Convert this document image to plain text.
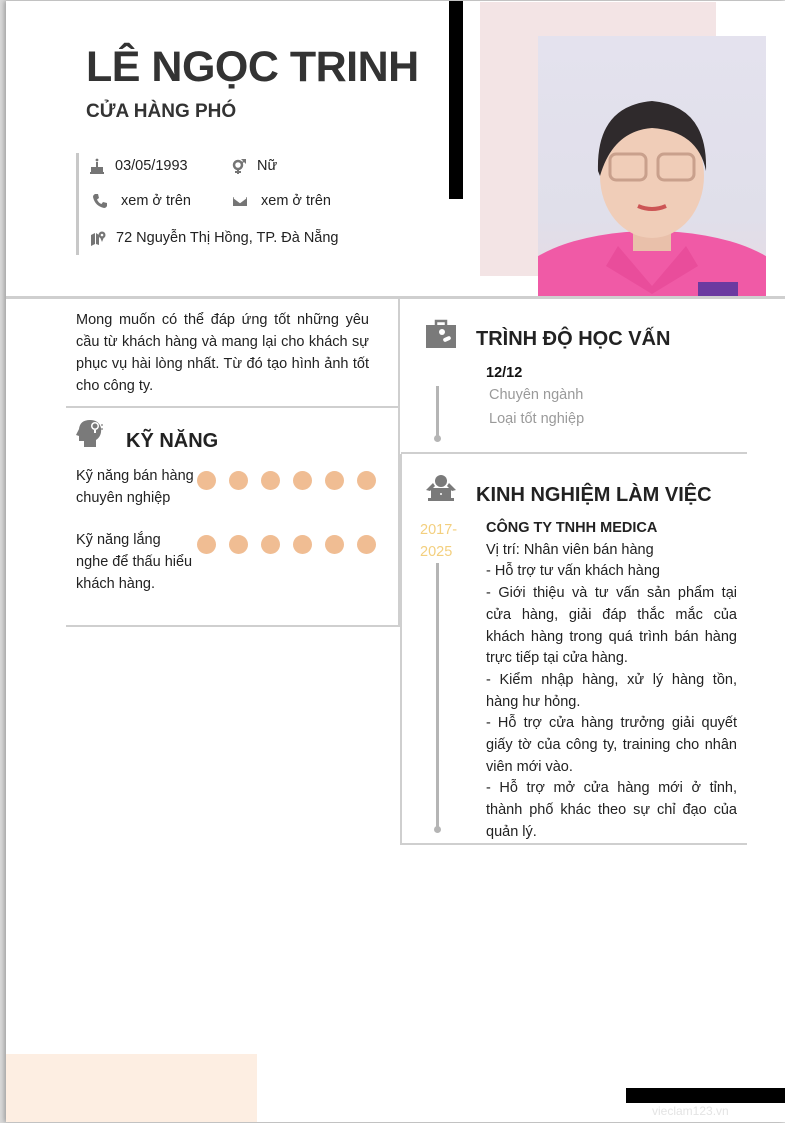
LÊ NGỌC TRINH
CỬA HÀNG PHÓ
03/05/1993	Nữ
xem ở trên	xem ở trên
72 Nguyễn Thị Hồng, TP. Đà Nẵng
Mong muốn có thể đáp ứng tốt những yêu cầu từ khách hàng và mang lại cho khách sự phục vụ hài lòng nhất. Từ đó tạo hình ảnh tốt cho công ty.
KỸ NĂNG
Kỹ năng bán hàng chuyên nghiệp
Kỹ năng lắng nghe để thấu hiểu khách hàng.
TRÌNH ĐỘ HỌC VẤN
12/12
Chuyên ngành
Loại tốt nghiệp
KINH NGHIỆM LÀM VIỆC
2017-
2025
CÔNG TY TNHH MEDICA
Vị trí: Nhân viên bán hàng
- Hỗ trợ tư vấn khách hàng
- Giới thiệu và tư vấn sản phẩm tại cửa hàng, giải đáp thắc mắc của khách hàng trong quá trình bán hàng trực tiếp tại cửa hàng.
- Kiểm nhập hàng, xử lý hàng tồn, hàng hư hỏng.
- Hỗ trợ cửa hàng trưởng giải quyết giấy tờ của công ty, training cho nhân viên mới vào.
- Hỗ trợ mở cửa hàng mới ở tỉnh, thành phố khác theo sự chỉ đạo của quản lý.
vieclam123.vn
